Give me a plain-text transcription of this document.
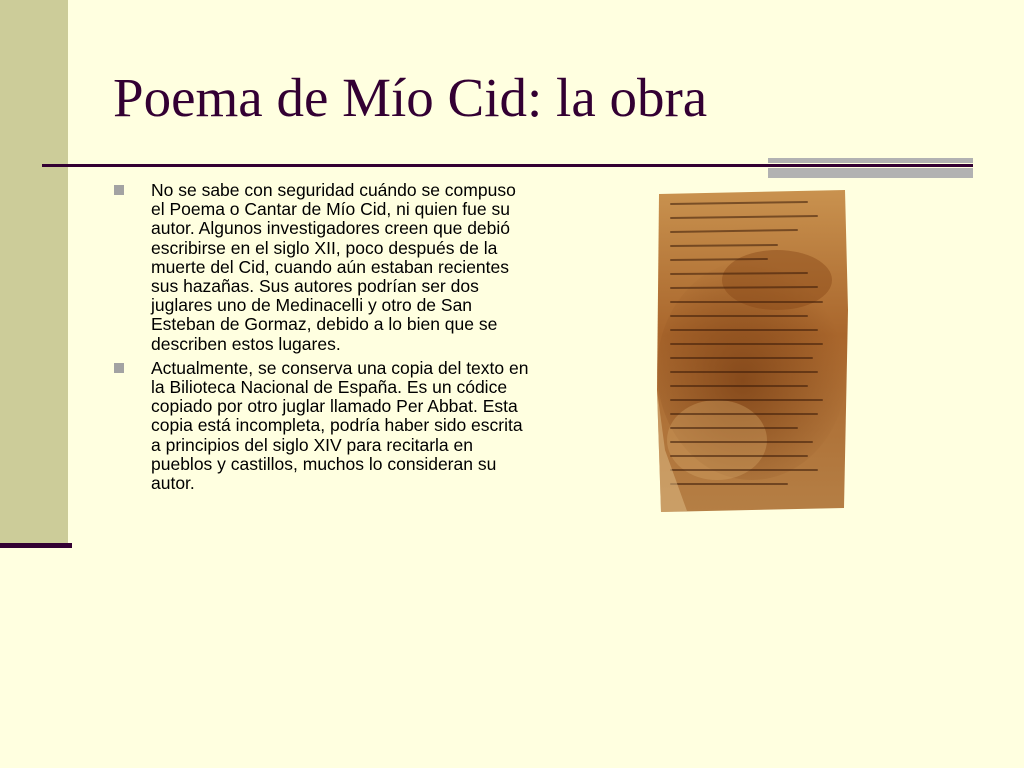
Poema de Mío Cid: la obra
No se sabe con seguridad cuándo se compuso el Poema o Cantar de Mío Cid, ni quien fue su autor. Algunos investigadores creen que debió escribirse en el siglo XII, poco después de la muerte del Cid, cuando aún estaban recientes sus hazañas. Sus autores podrían ser dos juglares uno de Medinacelli y otro de San Esteban de Gormaz, debido a lo bien que se describen estos lugares.
Actualmente, se conserva una copia del texto en la Bilioteca Nacional de España. Es un códice copiado por otro juglar llamado Per Abbat. Esta copia está incompleta, podría haber sido escrita a principios del siglo XIV para recitarla en pueblos y castillos, muchos lo consideran su autor.
